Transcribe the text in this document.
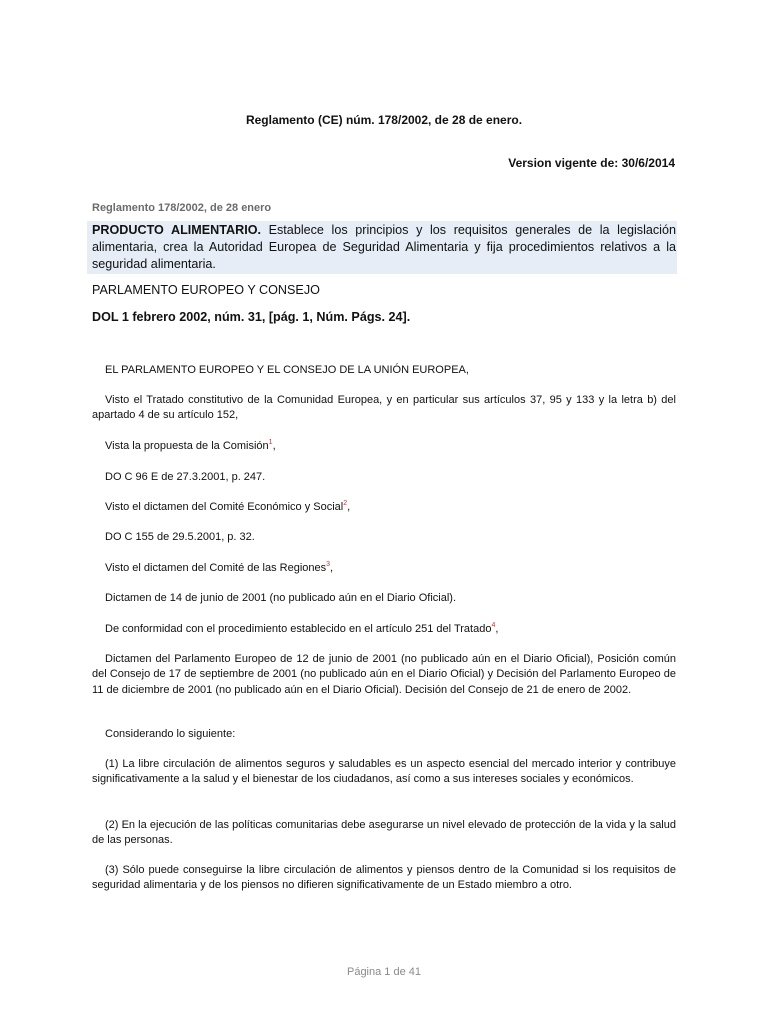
Reglamento (CE) núm. 178/2002, de 28 de enero.
Version vigente de: 30/6/2014
Reglamento 178/2002, de 28 enero
PRODUCTO ALIMENTARIO. Establece los principios y los requisitos generales de la legislación alimentaria, crea la Autoridad Europea de Seguridad Alimentaria y fija procedimientos relativos a la seguridad alimentaria.
PARLAMENTO EUROPEO Y CONSEJO
DOL 1 febrero 2002, núm. 31, [pág. 1, Núm. Págs. 24].

EL PARLAMENTO EUROPEO Y EL CONSEJO DE LA UNIÓN EUROPEA,

Visto el Tratado constitutivo de la Comunidad Europea, y en particular sus artículos 37, 95 y 133 y la letra b) del apartado 4 de su artículo 152,

Vista la propuesta de la Comisión$^1$,

DO C 96 E de 27.3.2001, p. 247.

Visto el dictamen del Comité Económico y Social$^2$,

DO C 155 de 29.5.2001, p. 32.

Visto el dictamen del Comité de las Regiones$^3$,

Dictamen de 14 de junio de 2001 (no publicado aún en el Diario Oficial).

De conformidad con el procedimiento establecido en el artículo 251 del Tratado$^4$,

Dictamen del Parlamento Europeo de 12 de junio de 2001 (no publicado aún en el Diario Oficial), Posición común del Consejo de 17 de septiembre de 2001 (no publicado aún en el Diario Oficial) y Decisión del Parlamento Europeo de 11 de diciembre de 2001 (no publicado aún en el Diario Oficial). Decisión del Consejo de 21 de enero de 2002.

Considerando lo siguiente:

(1) La libre circulación de alimentos seguros y saludables es un aspecto esencial del mercado interior y contribuye significativamente a la salud y el bienestar de los ciudadanos, así como a sus intereses sociales y económicos.

(2) En la ejecución de las políticas comunitarias debe asegurarse un nivel elevado de protección de la vida y la salud de las personas.

(3) Sólo puede conseguirse la libre circulación de alimentos y piensos dentro de la Comunidad si los requisitos de seguridad alimentaria y de los piensos no difieren significativamente de un Estado miembro a otro.

Página 1 de 41
